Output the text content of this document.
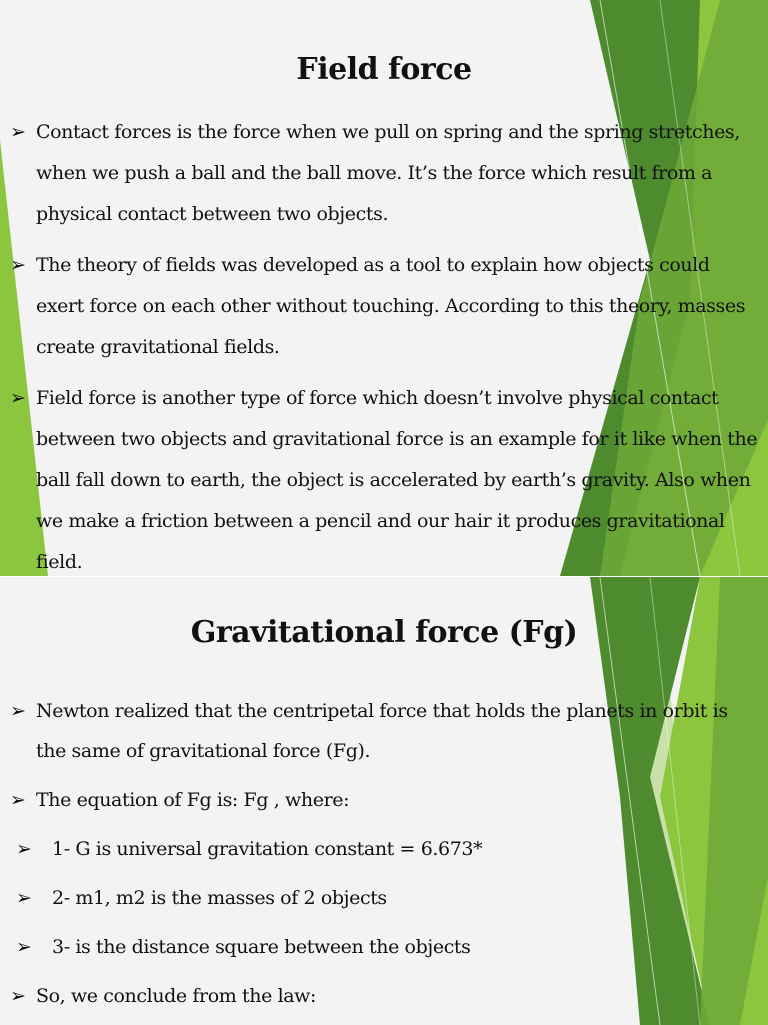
Field force
➢ Contact forces is the force when we pull on spring and the spring stretches, when we push a ball and the ball move. It’s the force which result from a physical contact between two objects.
➢ The theory of fields was developed as a tool to explain how objects could exert force on each other without touching. According to this theory, masses create gravitational fields.
➢ Field force is another type of force which doesn’t involve physical contact between two objects and gravitational force is an example for it like when the ball fall down to earth, the object is accelerated by earth’s gravity. Also when we make a friction between a pencil and our hair it produces gravitational field.
Gravitational force (Fg)
➢ Newton realized that the centripetal force that holds the planets in orbit is the same of gravitational force (Fg).
➢ The equation of Fg is: Fg , where:
➢ 1- G is universal gravitation constant = 6.673*
➢ 2- m1, m2 is the masses of 2 objects
➢ 3- is the distance square between the objects
➢ So, we conclude from the law:
